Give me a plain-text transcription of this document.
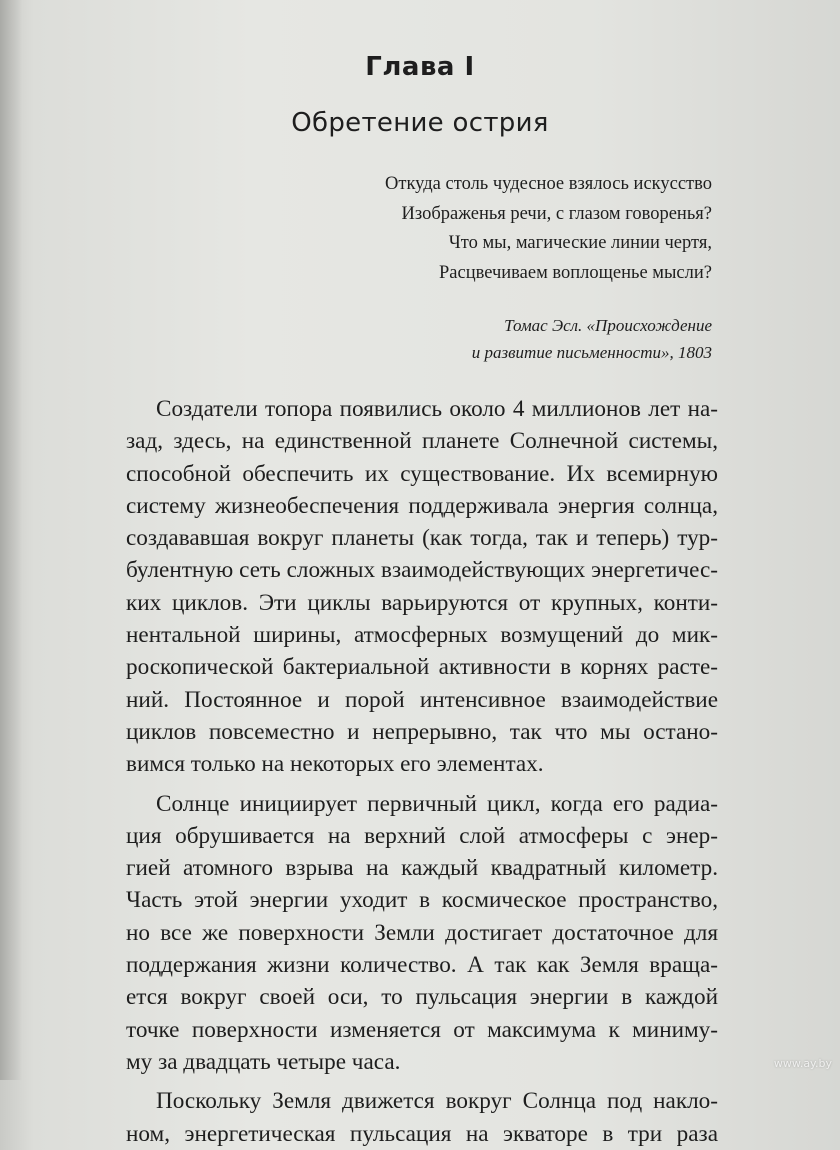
Глава I
Обретение острия
Откуда столь чудесное взялось искусство
Изображенья речи, с глазом говоренья?
Что мы, магические линии чертя,
Расцвечиваем воплощенье мысли?
Томас Эсл. «Происхождение
и развитие письменности», 1803
Создатели топора появились около 4 миллионов лет на-
зад, здесь, на единственной планете Солнечной системы,
способной обеспечить их существование. Их всемирную
систему жизнеобеспечения поддерживала энергия солнца,
создававшая вокруг планеты (как тогда, так и теперь) тур-
булентную сеть сложных взаимодействующих энергетичес-
ких циклов. Эти циклы варьируются от крупных, конти-
нентальной ширины, атмосферных возмущений до мик-
роскопической бактериальной активности в корнях расте-
ний. Постоянное и порой интенсивное взаимодействие
циклов повсеместно и непрерывно, так что мы остано-
вимся только на некоторых его элементах.
Солнце инициирует первичный цикл, когда его радиа-
ция обрушивается на верхний слой атмосферы с энер-
гией атомного взрыва на каждый квадратный километр.
Часть этой энергии уходит в космическое пространство,
но все же поверхности Земли достигает достаточное для
поддержания жизни количество. А так как Земля враща-
ется вокруг своей оси, то пульсация энергии в каждой
точке поверхности изменяется от максимума к миниму-
му за двадцать четыре часа.
Поскольку Земля движется вокруг Солнца под наклo-
ном, энергетическая пульсация на экваторе в три раза
www.ay.by
